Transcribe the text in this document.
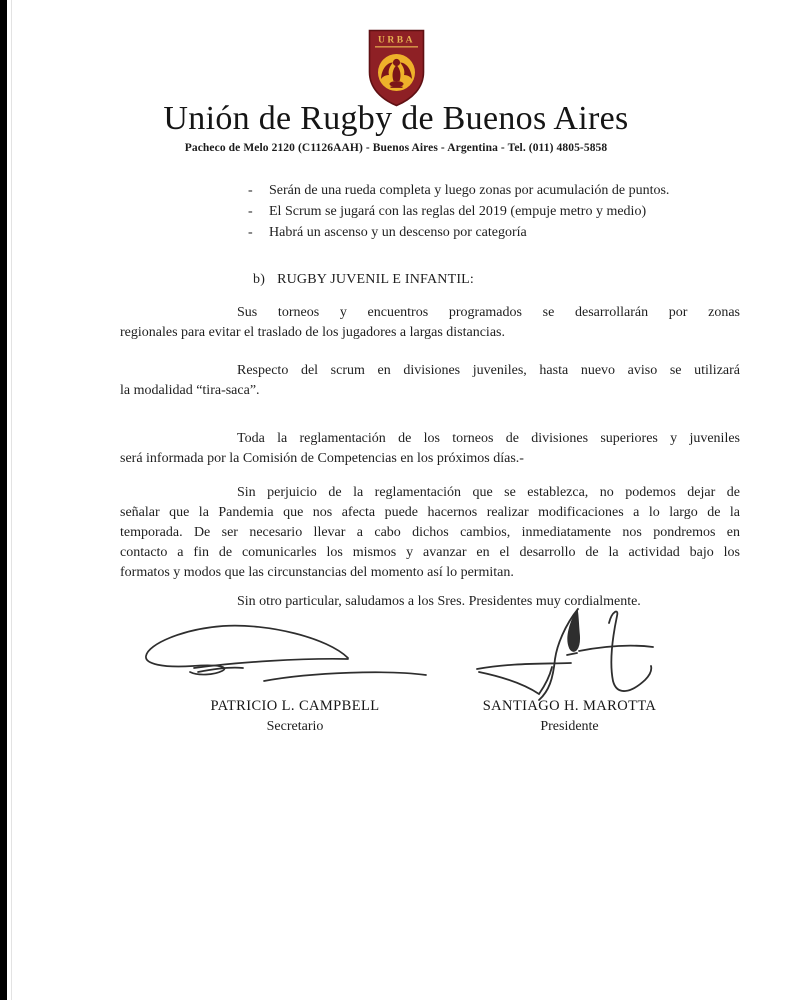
URBA
Unión de Rugby de Buenos Aires
Pacheco de Melo 2120 (C1126AAH) - Buenos Aires - Argentina - Tel. (011) 4805-5858
-	Serán de una rueda completa y luego zonas por acumulación de puntos.
-	El Scrum se jugará con las reglas del 2019 (empuje metro y medio)
-	Habrá un ascenso y un descenso por categoría
b) RUGBY JUVENIL E INFANTIL:
Sus torneos y encuentros programados se desarrollarán por zonas
regionales para evitar el traslado de los jugadores a largas distancias.
Respecto del scrum en divisiones juveniles, hasta nuevo aviso se utilizará
la modalidad “tira-saca”.
Toda la reglamentación de los torneos de divisiones superiores y juveniles
será informada por la Comisión de Competencias en los próximos días.-
Sin perjuicio de la reglamentación que se establezca, no podemos dejar de
señalar que la Pandemia que nos afecta puede hacernos realizar modificaciones a lo largo de la
temporada. De ser necesario llevar a cabo dichos cambios, inmediatamente nos pondremos en
contacto a fin de comunicarles los mismos y avanzar en el desarrollo de la actividad bajo los
formatos y modos que las circunstancias del momento así lo permitan.
Sin otro particular, saludamos a los Sres. Presidentes muy cordialmente.
PATRICIO L. CAMPBELL
Secretario
SANTIAGO H. MAROTTA
Presidente
